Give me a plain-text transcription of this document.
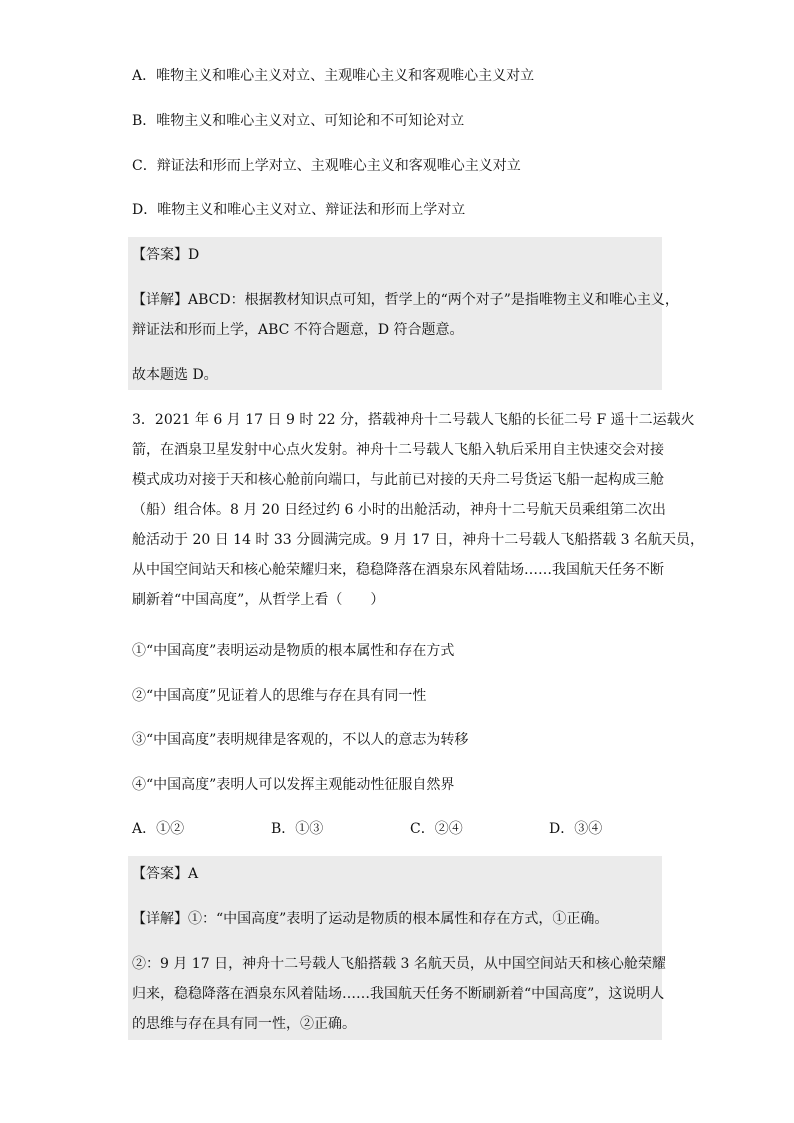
A．唯物主义和唯心主义对立、主观唯心主义和客观唯心主义对立
B．唯物主义和唯心主义对立、可知论和不可知论对立
C．辩证法和形而上学对立、主观唯心主义和客观唯心主义对立
D．唯物主义和唯心主义对立、辩证法和形而上学对立
【答案】D
【详解】ABCD：根据教材知识点可知，哲学上的“两个对子”是指唯物主义和唯心主义，
辩证法和形而上学，ABC 不符合题意，D 符合题意。
故本题选 D。
3．2021 年 6 月 17 日 9 时 22 分，搭载神舟十二号载人飞船的长征二号 F 遥十二运载火
箭，在酒泉卫星发射中心点火发射。神舟十二号载人飞船入轨后采用自主快速交会对接
模式成功对接于天和核心舱前向端口，与此前已对接的天舟二号货运飞船一起构成三舱
（船）组合体。8 月 20 日经过约 6 小时的出舱活动，神舟十二号航天员乘组第二次出
舱活动于 20 日 14 时 33 分圆满完成。9 月 17 日，神舟十二号载人飞船搭载 3 名航天员，
从中国空间站天和核心舱荣耀归来，稳稳降落在酒泉东风着陆场……我国航天任务不断
刷新着“中国高度”，从哲学上看（　　）
①“中国高度”表明运动是物质的根本属性和存在方式
②“中国高度”见证着人的思维与存在具有同一性
③“中国高度”表明规律是客观的，不以人的意志为转移
④“中国高度”表明人可以发挥主观能动性征服自然界
A．①②	B．①③	C．②④	D．③④
【答案】A
【详解】①：“中国高度”表明了运动是物质的根本属性和存在方式，①正确。
②：9 月 17 日，神舟十二号载人飞船搭载 3 名航天员，从中国空间站天和核心舱荣耀
归来，稳稳降落在酒泉东风着陆场……我国航天任务不断刷新着“中国高度”，这说明人
的思维与存在具有同一性，②正确。
